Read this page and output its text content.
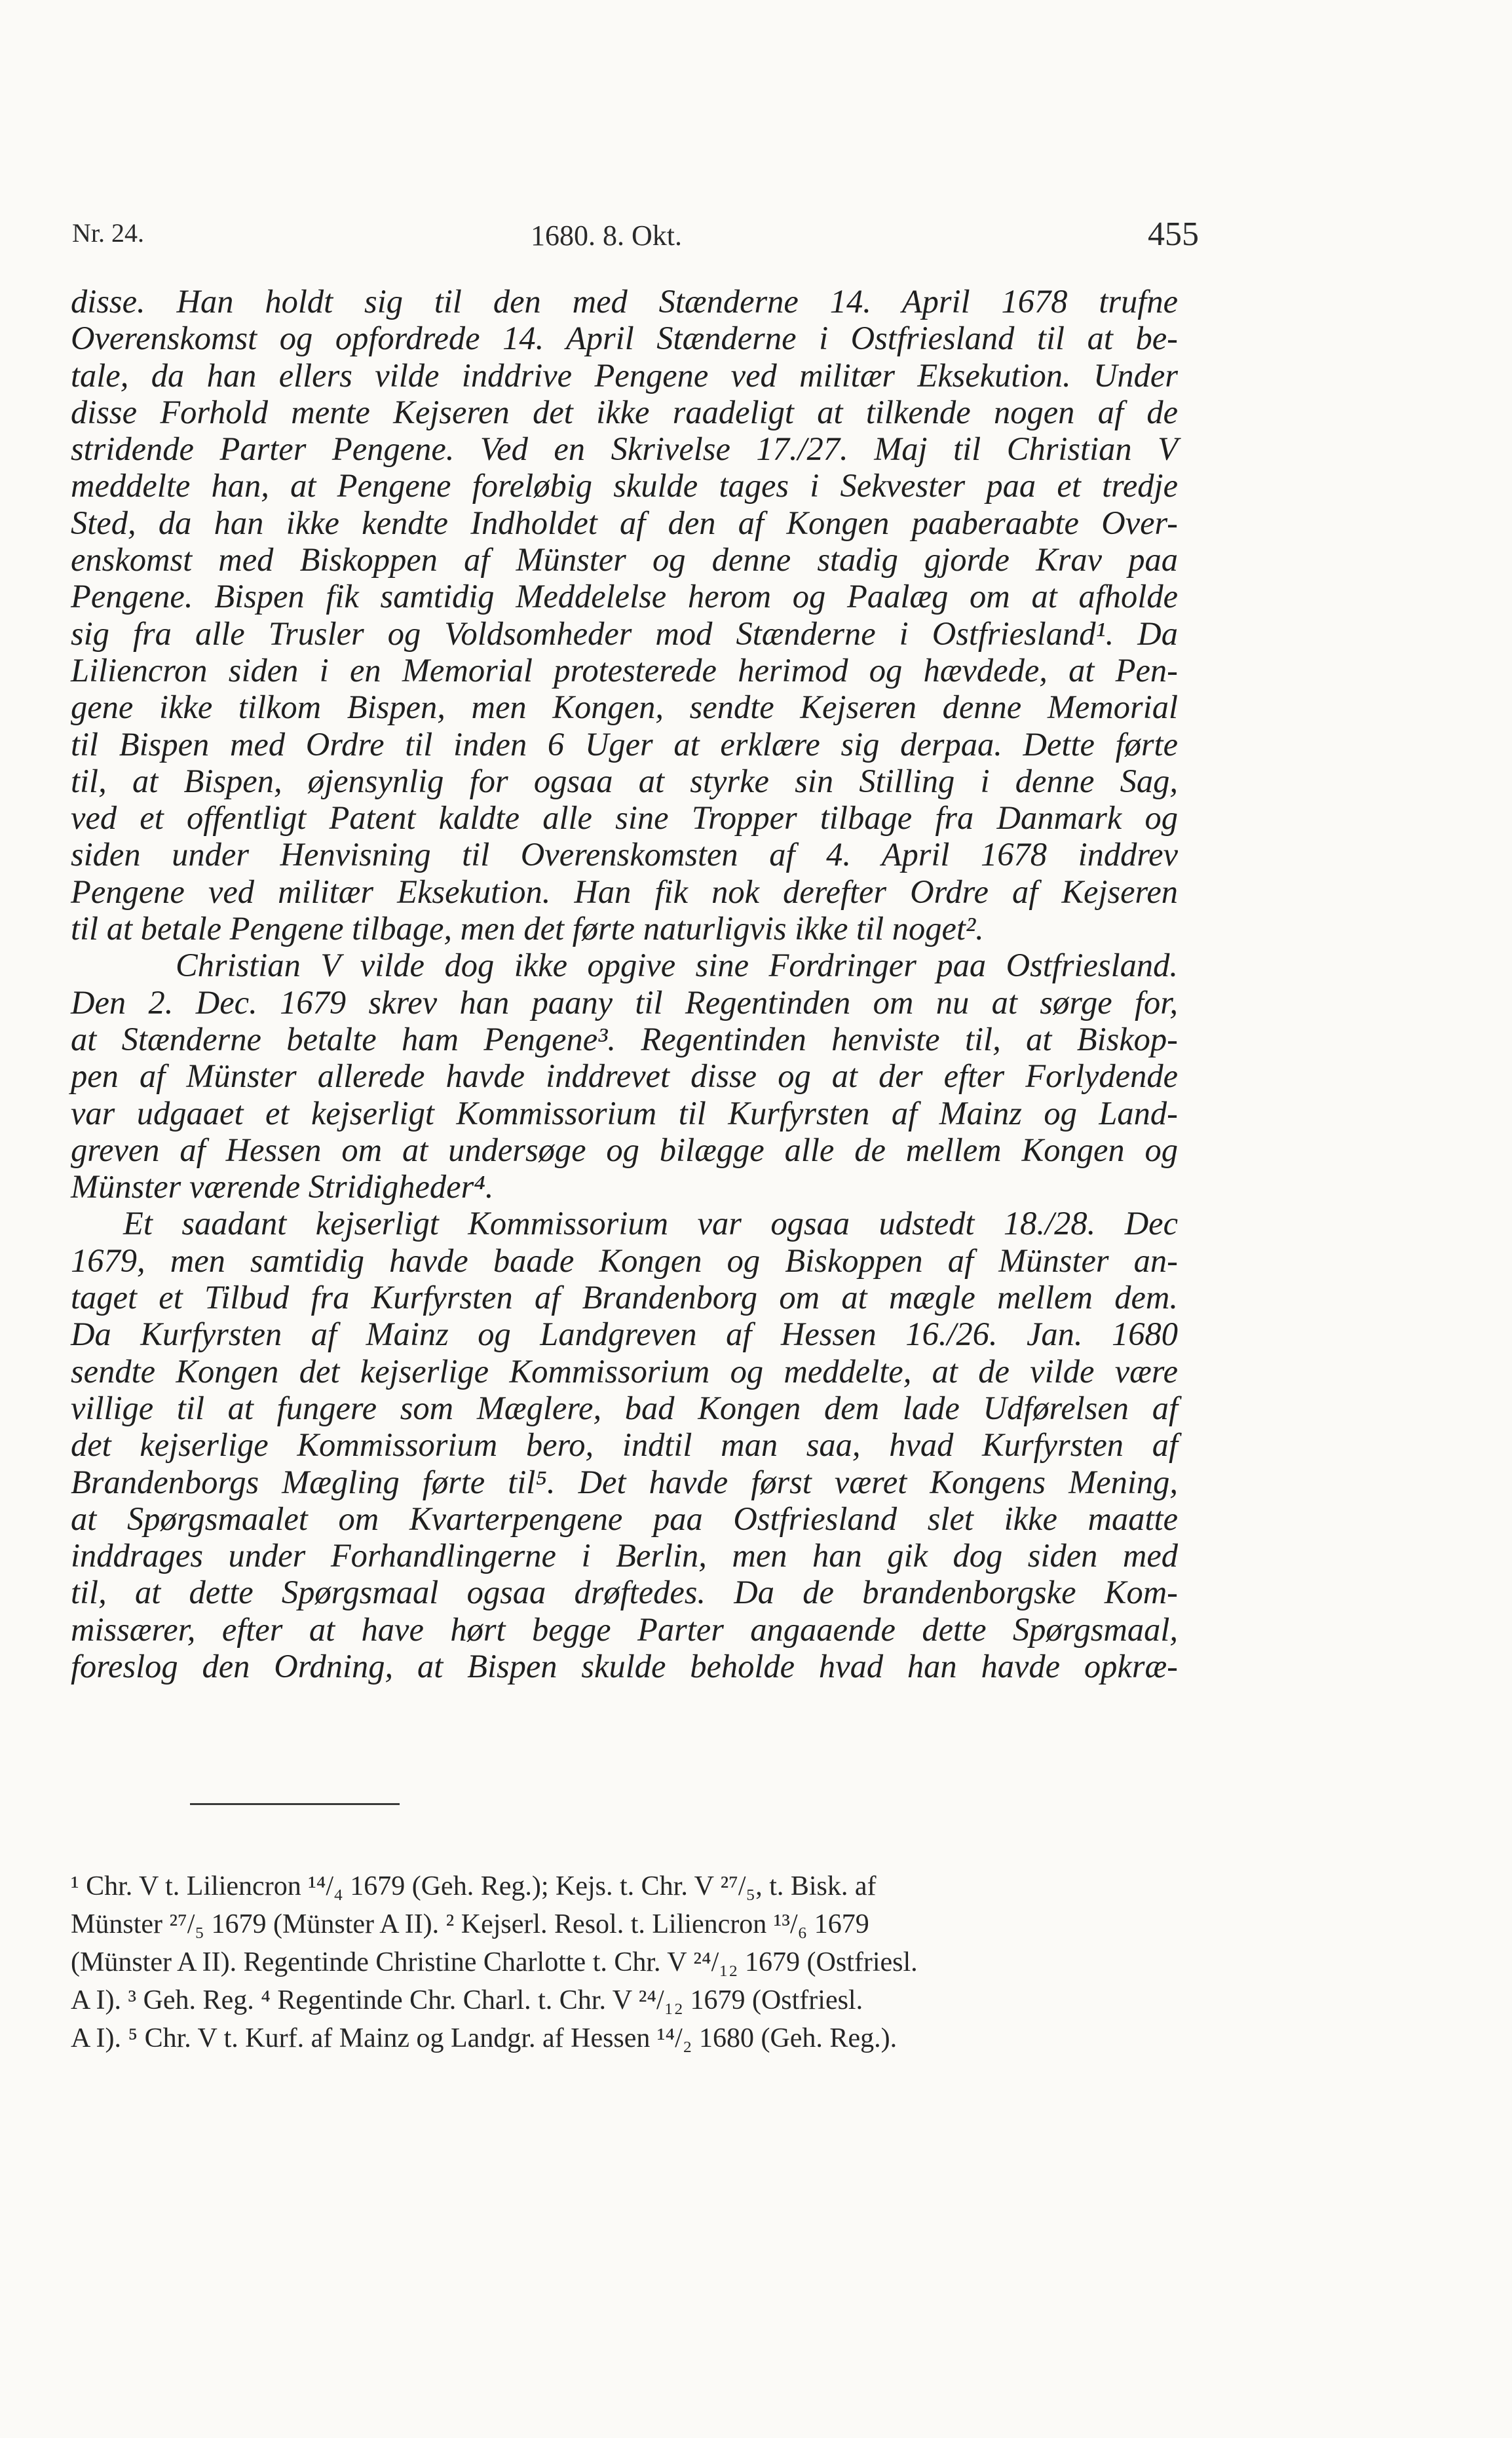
Nr. 24.	1680. 8. Okt.	455
disse. Han holdt sig til den med Stænderne 14. April 1678 trufne
Overenskomst og opfordrede 14. April Stænderne i Ostfriesland til at be-
tale, da han ellers vilde inddrive Pengene ved militær Eksekution. Under
disse Forhold mente Kejseren det ikke raadeligt at tilkende nogen af de
stridende Parter Pengene. Ved en Skrivelse 17./27. Maj til Christian V
meddelte han, at Pengene foreløbig skulde tages i Sekvester paa et tredje
Sted, da han ikke kendte Indholdet af den af Kongen paaberaabte Over-
enskomst med Biskoppen af Münster og denne stadig gjorde Krav paa
Pengene. Bispen fik samtidig Meddelelse herom og Paalæg om at afholde
sig fra alle Trusler og Voldsomheder mod Stænderne i Ostfriesland¹. Da
Liliencron siden i en Memorial protesterede herimod og hævdede, at Pen-
gene ikke tilkom Bispen, men Kongen, sendte Kejseren denne Memorial
til Bispen med Ordre til inden 6 Uger at erklære sig derpaa. Dette førte
til, at Bispen, øjensynlig for ogsaa at styrke sin Stilling i denne Sag,
ved et offentligt Patent kaldte alle sine Tropper tilbage fra Danmark og
siden under Henvisning til Overenskomsten af 4. April 1678 inddrev
Pengene ved militær Eksekution. Han fik nok derefter Ordre af Kejseren
til at betale Pengene tilbage, men det førte naturligvis ikke til noget².
Christian V vilde dog ikke opgive sine Fordringer paa Ostfriesland.
Den 2. Dec. 1679 skrev han paany til Regentinden om nu at sørge for,
at Stænderne betalte ham Pengene³. Regentinden henviste til, at Biskop-
pen af Münster allerede havde inddrevet disse og at der efter Forlydende
var udgaaet et kejserligt Kommissorium til Kurfyrsten af Mainz og Land-
greven af Hessen om at undersøge og bilægge alle de mellem Kongen og
Münster værende Stridigheder⁴.
Et saadant kejserligt Kommissorium var ogsaa udstedt 18./28. Dec
1679, men samtidig havde baade Kongen og Biskoppen af Münster an-
taget et Tilbud fra Kurfyrsten af Brandenborg om at mægle mellem dem.
Da Kurfyrsten af Mainz og Landgreven af Hessen 16./26. Jan. 1680
sendte Kongen det kejserlige Kommissorium og meddelte, at de vilde være
villige til at fungere som Mæglere, bad Kongen dem lade Udførelsen af
det kejserlige Kommissorium bero, indtil man saa, hvad Kurfyrsten af
Brandenborgs Mægling førte til⁵. Det havde først været Kongens Mening,
at Spørgsmaalet om Kvarterpengene paa Ostfriesland slet ikke maatte
inddrages under Forhandlingerne i Berlin, men han gik dog siden med
til, at dette Spørgsmaal ogsaa drøftedes. Da de brandenborgske Kom-
missærer, efter at have hørt begge Parter angaaende dette Spørgsmaal,
foreslog den Ordning, at Bispen skulde beholde hvad han havde opkræ-
¹ Chr. V t. Liliencron ¹⁴/₄ 1679 (Geh. Reg.); Kejs. t. Chr. V ²⁷/₅, t. Bisk. af
Münster ²⁷/₅ 1679 (Münster A II). ² Kejserl. Resol. t. Liliencron ¹³/₆ 1679
(Münster A II). Regentinde Christine Charlotte t. Chr. V ²⁴/₁₂ 1679 (Ostfriesl.
A I). ³ Geh. Reg. ⁴ Regentinde Chr. Charl. t. Chr. V ²⁴/₁₂ 1679 (Ostfriesl.
A I). ⁵ Chr. V t. Kurf. af Mainz og Landgr. af Hessen ¹⁴/₂ 1680 (Geh. Reg.).
